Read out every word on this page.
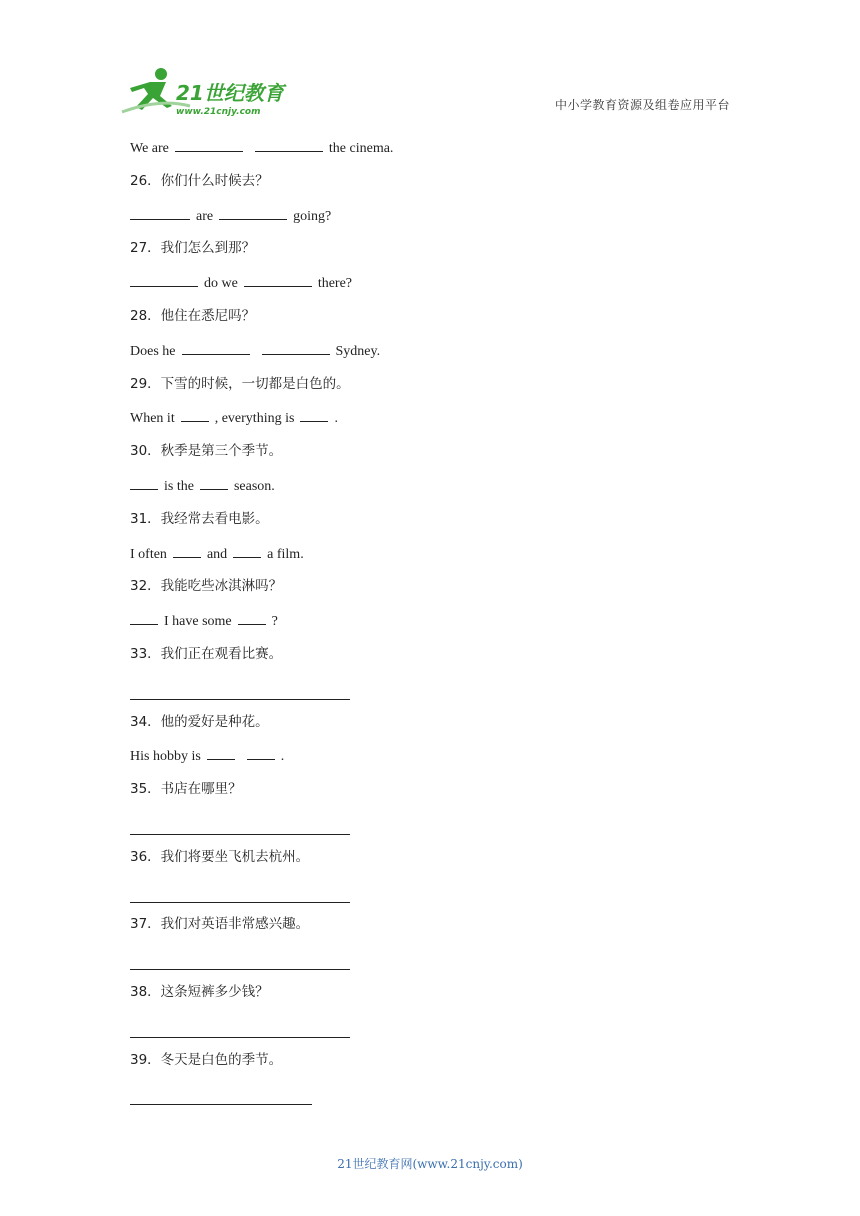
21世纪教育
www.21cnjy.com	中小学教育资源及组卷应用平台
We are	the cinema.
26．你们什么时候去？
are	going?
27．我们怎么到那？
do we	there?
28．他住在悉尼吗？
Does he	Sydney.
29．下雪的时候，一切都是白色的。
When it	, everything is	.
30．秋季是第三个季节。
is the	season.
31．我经常去看电影。
I often	and	a film.
32．我能吃些冰淇淋吗？
I have some	?
33．我们正在观看比赛。
34．他的爱好是种花。
His hobby is	.
35．书店在哪里？
36．我们将要坐飞机去杭州。
37．我们对英语非常感兴趣。
38．这条短裤多少钱？
39．冬天是白色的季节。
21世纪教育网(www.21cnjy.com)
